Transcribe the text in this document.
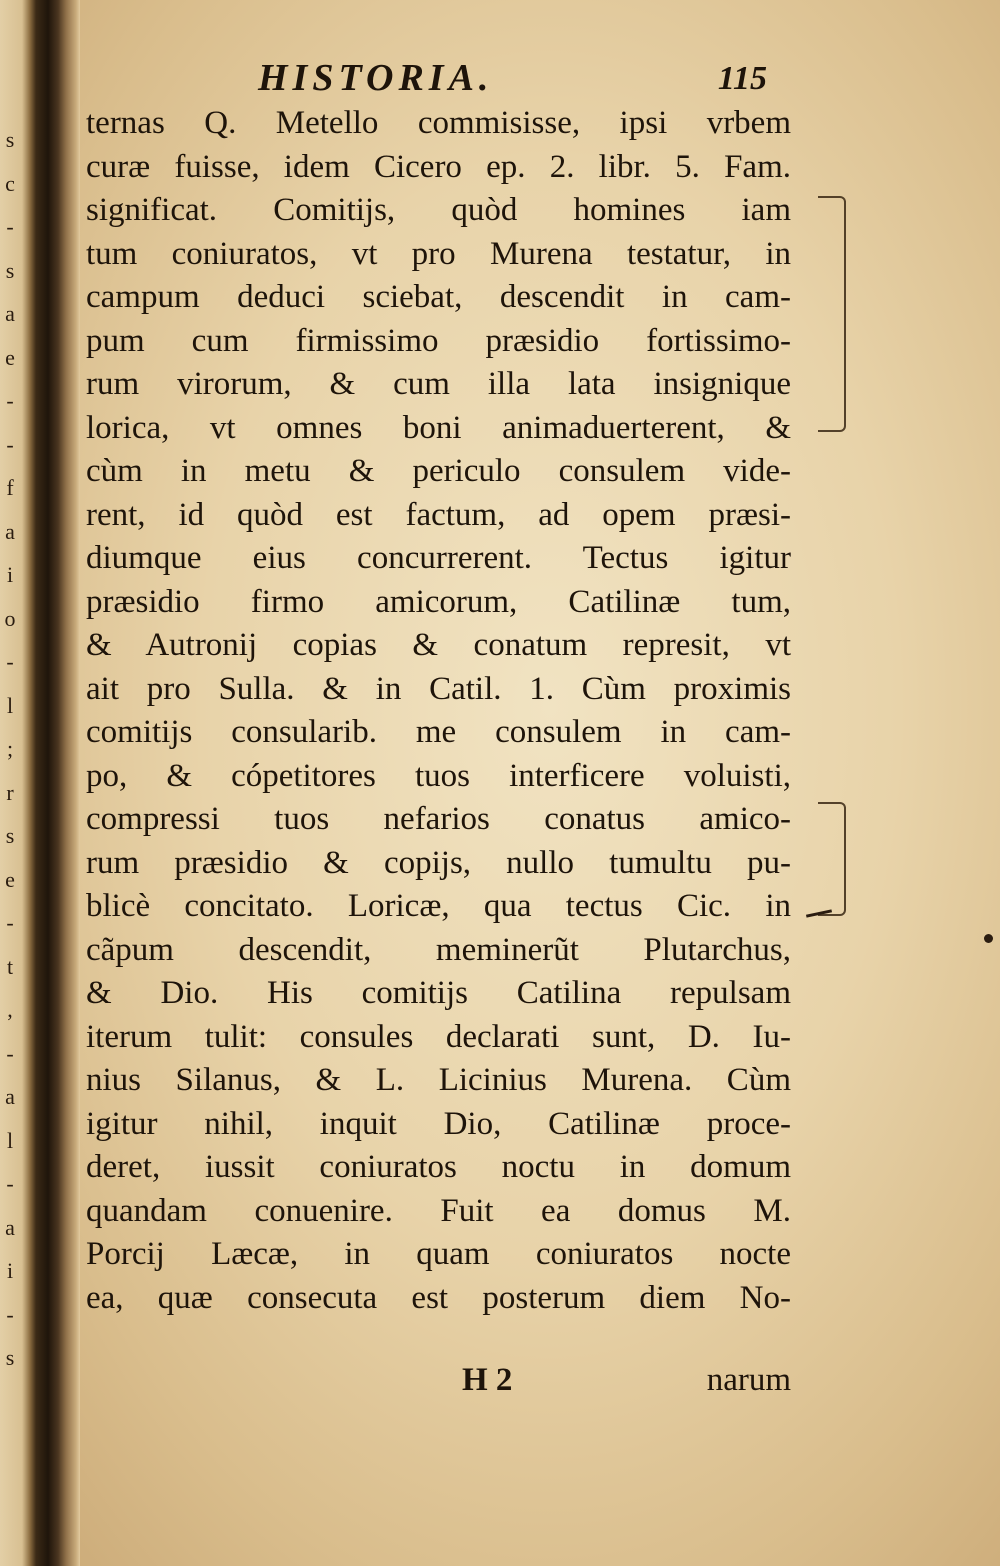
s
c
-
s
a
e
-
-
f
a
i
o
-
l
;
r
s
e
-
t
,
-
a
l
-
a
i
-
s
HISTORIA.	115
ternas Q. Metello commisisse, ipsi vrbem
curæ fuisse, idem Cicero ep. 2. libr. 5. Fam.
significat. Comitijs, quòd homines iam
tum coniuratos, vt pro Murena testatur, in
campum deduci sciebat, descendit in cam-
pum cum firmissimo præsidio fortissimo-
rum virorum, & cum illa lata insignique
lorica, vt omnes boni animaduerterent, &
cùm in metu & periculo consulem vide-
rent, id quòd est factum, ad opem præsi-
diumque eius concurrerent. Tectus igitur
præsidio firmo amicorum, Catilinæ tum,
& Autronij copias & conatum represit, vt
ait pro Sulla. & in Catil. 1. Cùm proximis
comitijs consularib. me consulem in cam-
po, & cópetitores tuos interficere voluisti,
compressi tuos nefarios conatus amico-
rum præsidio & copijs, nullo tumultu pu-
blicè concitato. Loricæ, qua tectus Cic. in
cãpum descendit, meminerũt Plutarchus,
& Dio. His comitijs Catilina repulsam
iterum tulit: consules declarati sunt, D. Iu-
nius Silanus, & L. Licinius Murena. Cùm
igitur nihil, inquit Dio, Catilinæ proce-
deret, iussit coniuratos noctu in domum
quandam conuenire. Fuit ea domus M.
Porcij Læcæ, in quam coniuratos nocte
ea, quæ consecuta est posterum diem No-
H 2	narum
